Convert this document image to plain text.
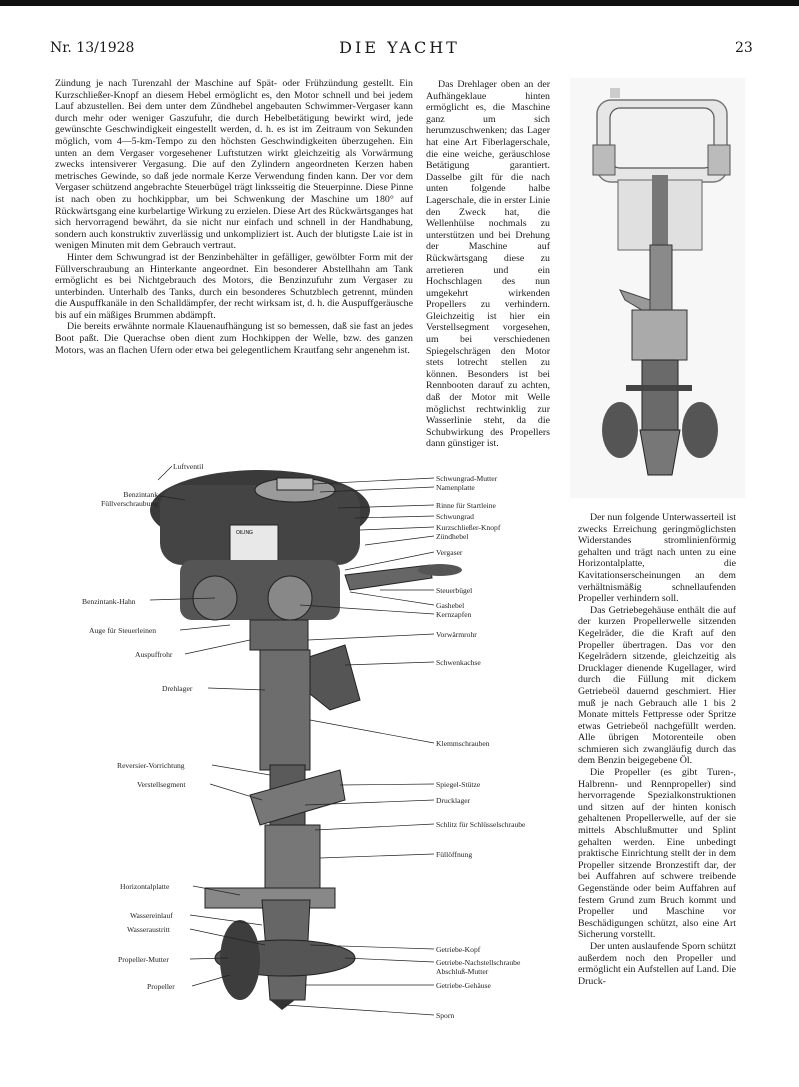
Nr. 13/1928	DIE YACHT	23

Zündung je nach Turenzahl der Maschine auf Spät- oder Frühzündung gestellt. Ein Kurzschließer-Knopf an diesem Hebel ermöglicht es, den Motor schnell und bei jedem Lauf abzustellen. Bei dem unter dem Zündhebel angebauten Schwimmer-Vergaser kann durch mehr oder weniger Gaszufuhr, die durch Hebelbetätigung bewirkt wird, jede gewünschte Geschwindigkeit eingestellt werden, d. h. es ist im Zeitraum von Sekunden möglich, vom 4—5-km-Tempo zu den höchsten Geschwindigkeiten überzugehen. Ein unten an dem Vergaser vorgesehener Luftstutzen wirkt gleichzeitig als Vorwärmung zwecks intensiverer Vergasung. Die auf den Zylindern angeordneten Kerzen haben metrisches Gewinde, so daß jede normale Kerze Verwendung finden kann. Der vor dem Vergaser schützend angebrachte Steuerbügel trägt linksseitig die Steuerpinne. Diese Pinne ist nach oben zu hochkippbar, um bei Schwenkung der Maschine um 180° auf Rückwärtsgang eine kurbelartige Wirkung zu erzielen. Diese Art des Rückwärtsganges hat sich hervorragend bewährt, da sie nicht nur einfach und schnell in der Handhabung, sondern auch konstruktiv zuverlässig und unkompliziert ist. Auch der blutigste Laie ist in wenigen Minuten mit dem Gebrauch vertraut.

Hinter dem Schwungrad ist der Benzinbehälter in gefälliger, gewölbter Form mit der Füllverschraubung an Hinterkante angeordnet. Ein besonderer Abstellhahn am Tank ermöglicht es bei Nichtgebrauch des Motors, die Benzinzufuhr zum Vergaser zu unterbinden. Unterhalb des Tanks, durch ein besonderes Schutzblech getrennt, münden die Auspuffkanäle in den Schalldämpfer, der recht wirksam ist, d. h. die Auspuffgeräusche bis auf ein mäßiges Brummen abdämpft.

Die bereits erwähnte normale Klauenaufhängung ist so bemessen, daß sie fast an jedes Boot paßt. Die Querachse oben dient zum Hochkippen der Welle, bzw. des ganzen Motors, was an flachen Ufern oder etwa bei gelegentlichem Krautfang sehr angenehm ist.

Das Drehlager oben an der Aufhängeklaue hinten ermöglicht es, die Maschine ganz um sich herumzuschwenken; das Lager hat eine Art Fiberlagerschale, die eine weiche, geräuschlose Betätigung garantiert. Dasselbe gilt für die nach unten folgende halbe Lagerschale, die in erster Linie den Zweck hat, die Wellenhülse nochmals zu unterstützen und bei Drehung der Maschine auf Rückwärtsgang diese zu arretieren und ein Hochschlagen des nun umgekehrt wirkenden Propellers zu verhindern. Gleichzeitig ist hier ein Verstellsegment vorgesehen, um bei verschiedenen Spiegelschrägen den Motor stets lotrecht stellen zu können. Besonders ist bei Rennbooten darauf zu achten, daß der Motor mit Welle möglichst rechtwinklig zur Wasserlinie steht, da die Schubwirkung des Propellers dann günstiger ist.

Der nun folgende Unterwasserteil ist zwecks Erreichung geringmöglichsten Widerstandes stromlinienförmig gehalten und trägt nach unten zu eine Horizontalplatte, die Kavitationserscheinungen an dem verhältnismäßig schnellaufenden Propeller verhindern soll.

Das Getriebegehäuse enthält die auf der kurzen Propellerwelle sitzenden Kegelräder, die die Kraft auf den Propeller übertragen. Das vor den Kegelrädern sitzende, gleichzeitig als Drucklager dienende Kugellager, wird durch die Füllung mit dickem Getriebeöl dauernd geschmiert. Hier muß je nach Gebrauch alle 1 bis 2 Monate mittels Fettpresse oder Spritze etwas Getriebeöl nachgefüllt werden. Alle übrigen Motorenteile oben schmieren sich zwangläufig durch das dem Benzin beigegebene Öl.

Die Propeller (es gibt Turen-, Halbrenn- und Rennpropeller) sind hervorragende Spezialkonstruktionen und sitzen auf der hinten konisch gehaltenen Propellerwelle, auf der sie mittels Abschlußmutter und Splint gehalten werden. Eine unbedingt praktische Einrichtung stellt der in dem Propeller sitzende Bronzestift dar, der bei Auffahren auf schwere treibende Gegenstände oder beim Auffahren auf festem Grund zum Bruch kommt und Propeller und Maschine vor Beschädigungen schützt, also eine Art Sicherung vorstellt.

Der unten auslaufende Sporn schützt außerdem noch den Propeller und ermöglicht ein Aufstellen auf Land. Die Druck-

OILING
Luftventil
Benzintank
Füllverschraubung
Benzintank-Hahn
Auge für Steuerleinen
Auspuffrohr
Drehlager
Reversier-Vorrichtung
Verstellsegment
Horizontalplatte
Wassereinlauf
Wasseraustritt
Propeller-Mutter
Propeller
Schwungrad-Mutter
Namenplatte
Rinne für Startleine
Schwungrad
Kurzschließer-Knopf
Zündhebel
Vergaser
Steuerbügel
Gashebel
Kernzapfen
Vorwärmrohr
Schwenkachse
Klemmschrauben
Spiegel-Stütze
Drucklager
Schlitz für Schlüsselschraube
Füllöffnung
Getriebe-Kopf
Getriebe-Nachstellschraube
Abschluß-Mutter
Getriebe-Gehäuse
Sporn
